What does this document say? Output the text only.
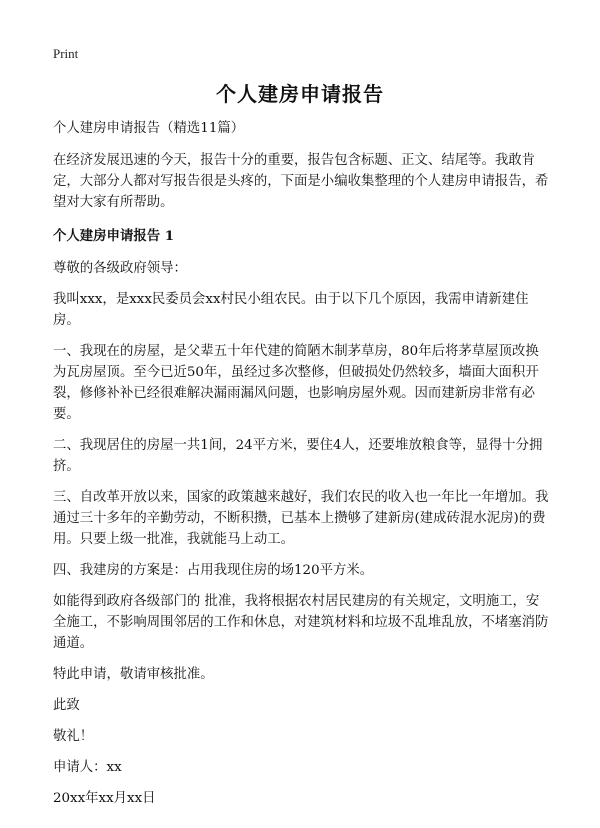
Print
个人建房申请报告

个人建房申请报告（精选11篇）

在经济发展迅速的今天，报告十分的重要，报告包含标题、正文、结尾等。我敢肯定，大部分人都对写报告很是头疼的，下面是小编收集整理的个人建房申请报告，希望对大家有所帮助。

个人建房申请报告 1

尊敬的各级政府领导：

我叫xxx，是xxx民委员会xx村民小组农民。由于以下几个原因，我需申请新建住房。

一、我现在的房屋，是父辈五十年代建的简陋木制茅草房，80年后将茅草屋顶改换为瓦房屋顶。至今已近50年，虽经过多次整修，但破损处仍然较多，墙面大面积开裂，修修补补已经很难解决漏雨漏风问题，也影响房屋外观。因而建新房非常有必要。

二、我现居住的房屋一共1间，24平方米，要住4人，还要堆放粮食等，显得十分拥挤。

三、自改革开放以来，国家的政策越来越好，我们农民的收入也一年比一年增加。我通过三十多年的辛勤劳动，不断积攒，已基本上攒够了建新房(建成砖混水泥房)的费用。只要上级一批准，我就能马上动工。

四、我建房的方案是：占用我现住房的场120平方米。

如能得到政府各级部门的 批准，我将根据农村居民建房的有关规定，文明施工，安全施工，不影响周围邻居的工作和休息，对建筑材料和垃圾不乱堆乱放，不堵塞消防通道。

特此申请，敬请审核批准。

此致

敬礼！

申请人：xx

20xx年xx月xx日
